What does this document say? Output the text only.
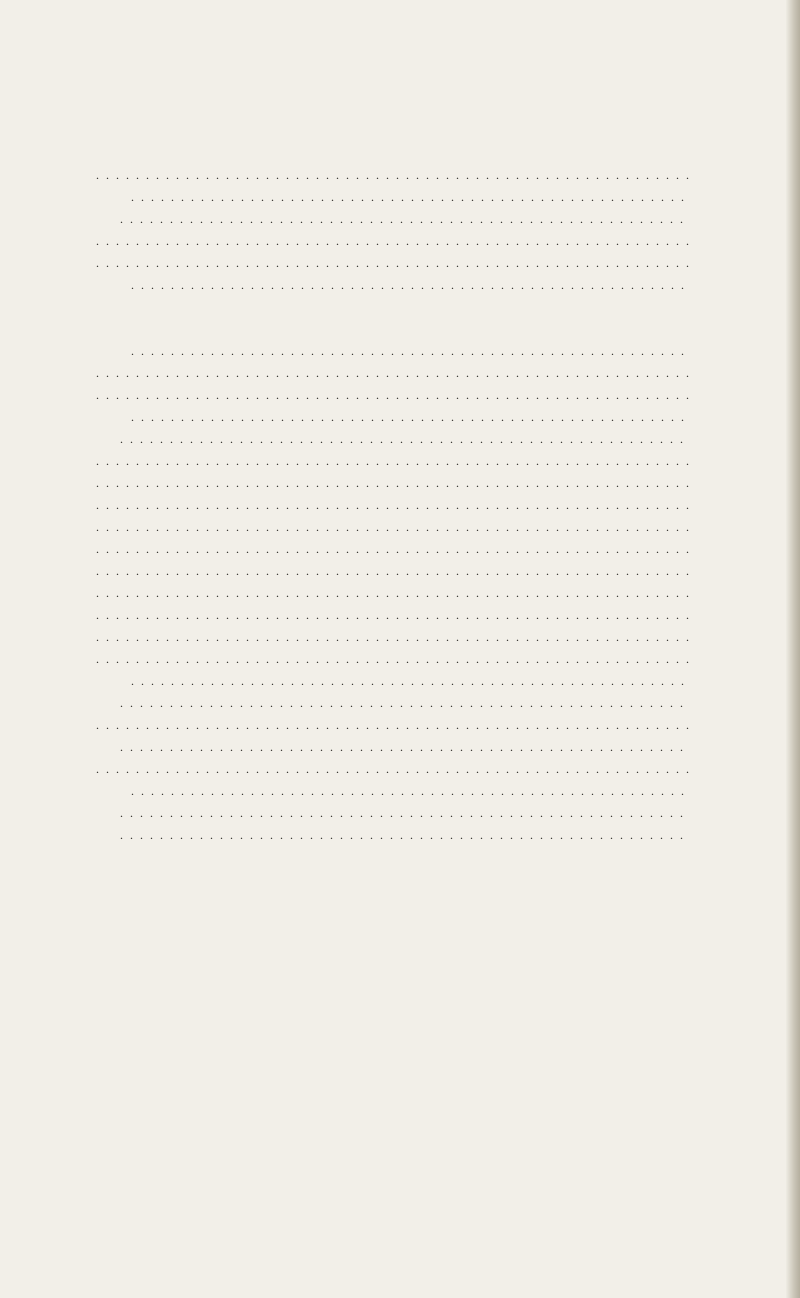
. . .
. . .
. . .
. . .
. . .
. . .
. . .
. . .
. . .
. . .
. . .
. . .
. . .
. . .
. . .
. . .
. . .
. . .
. . .
. . .
. . .
. . .
. . .
. . .
. . .
. . .
. . .
. . .
. . .
